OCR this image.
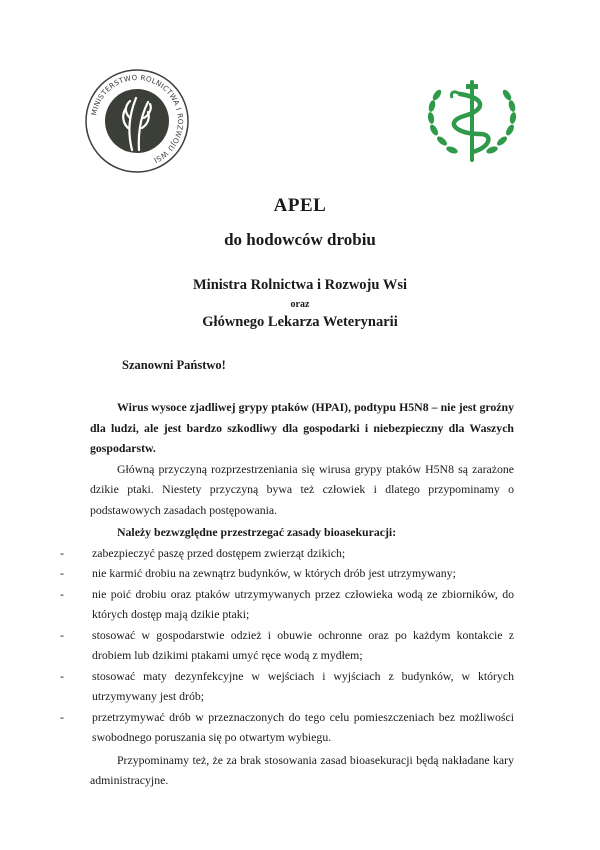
MINISTERSTWO ROLNICTWA I ROZWOJU WSI
APEL
do hodowców drobiu
Ministra Rolnictwa i Rozwoju Wsi
oraz
Głównego Lekarza Weterynarii
Szanowni Państwo!

Wirus wysoce zjadliwej grypy ptaków (HPAI), podtypu H5N8 – nie jest groźny dla ludzi, ale jest bardzo szkodliwy dla gospodarki i niebezpieczny dla Waszych gospodarstw.

Główną przyczyną rozprzestrzeniania się wirusa grypy ptaków H5N8 są zarażone dzikie ptaki. Niestety przyczyną bywa też człowiek i dlatego przypominamy o podstawowych zasadach postępowania.

Należy bezwzględne przestrzegać zasady bioasekuracji:

- zabezpieczyć paszę przed dostępem zwierząt dzikich;
- nie karmić drobiu na zewnątrz budynków, w których drób jest utrzymywany;
- nie poić drobiu oraz ptaków utrzymywanych przez człowieka wodą ze zbiorników, do których dostęp mają dzikie ptaki;
- stosować w gospodarstwie odzież i obuwie ochronne oraz po każdym kontakcie z drobiem lub dzikimi ptakami umyć ręce wodą z mydłem;
- stosować maty dezynfekcyjne w wejściach i wyjściach z budynków, w których utrzymywany jest drób;
- przetrzymywać drób w przeznaczonych do tego celu pomieszczeniach bez możliwości swobodnego poruszania się po otwartym wybiegu.

Przypominamy też, że za brak stosowania zasad bioasekuracji będą nakładane kary administracyjne.
